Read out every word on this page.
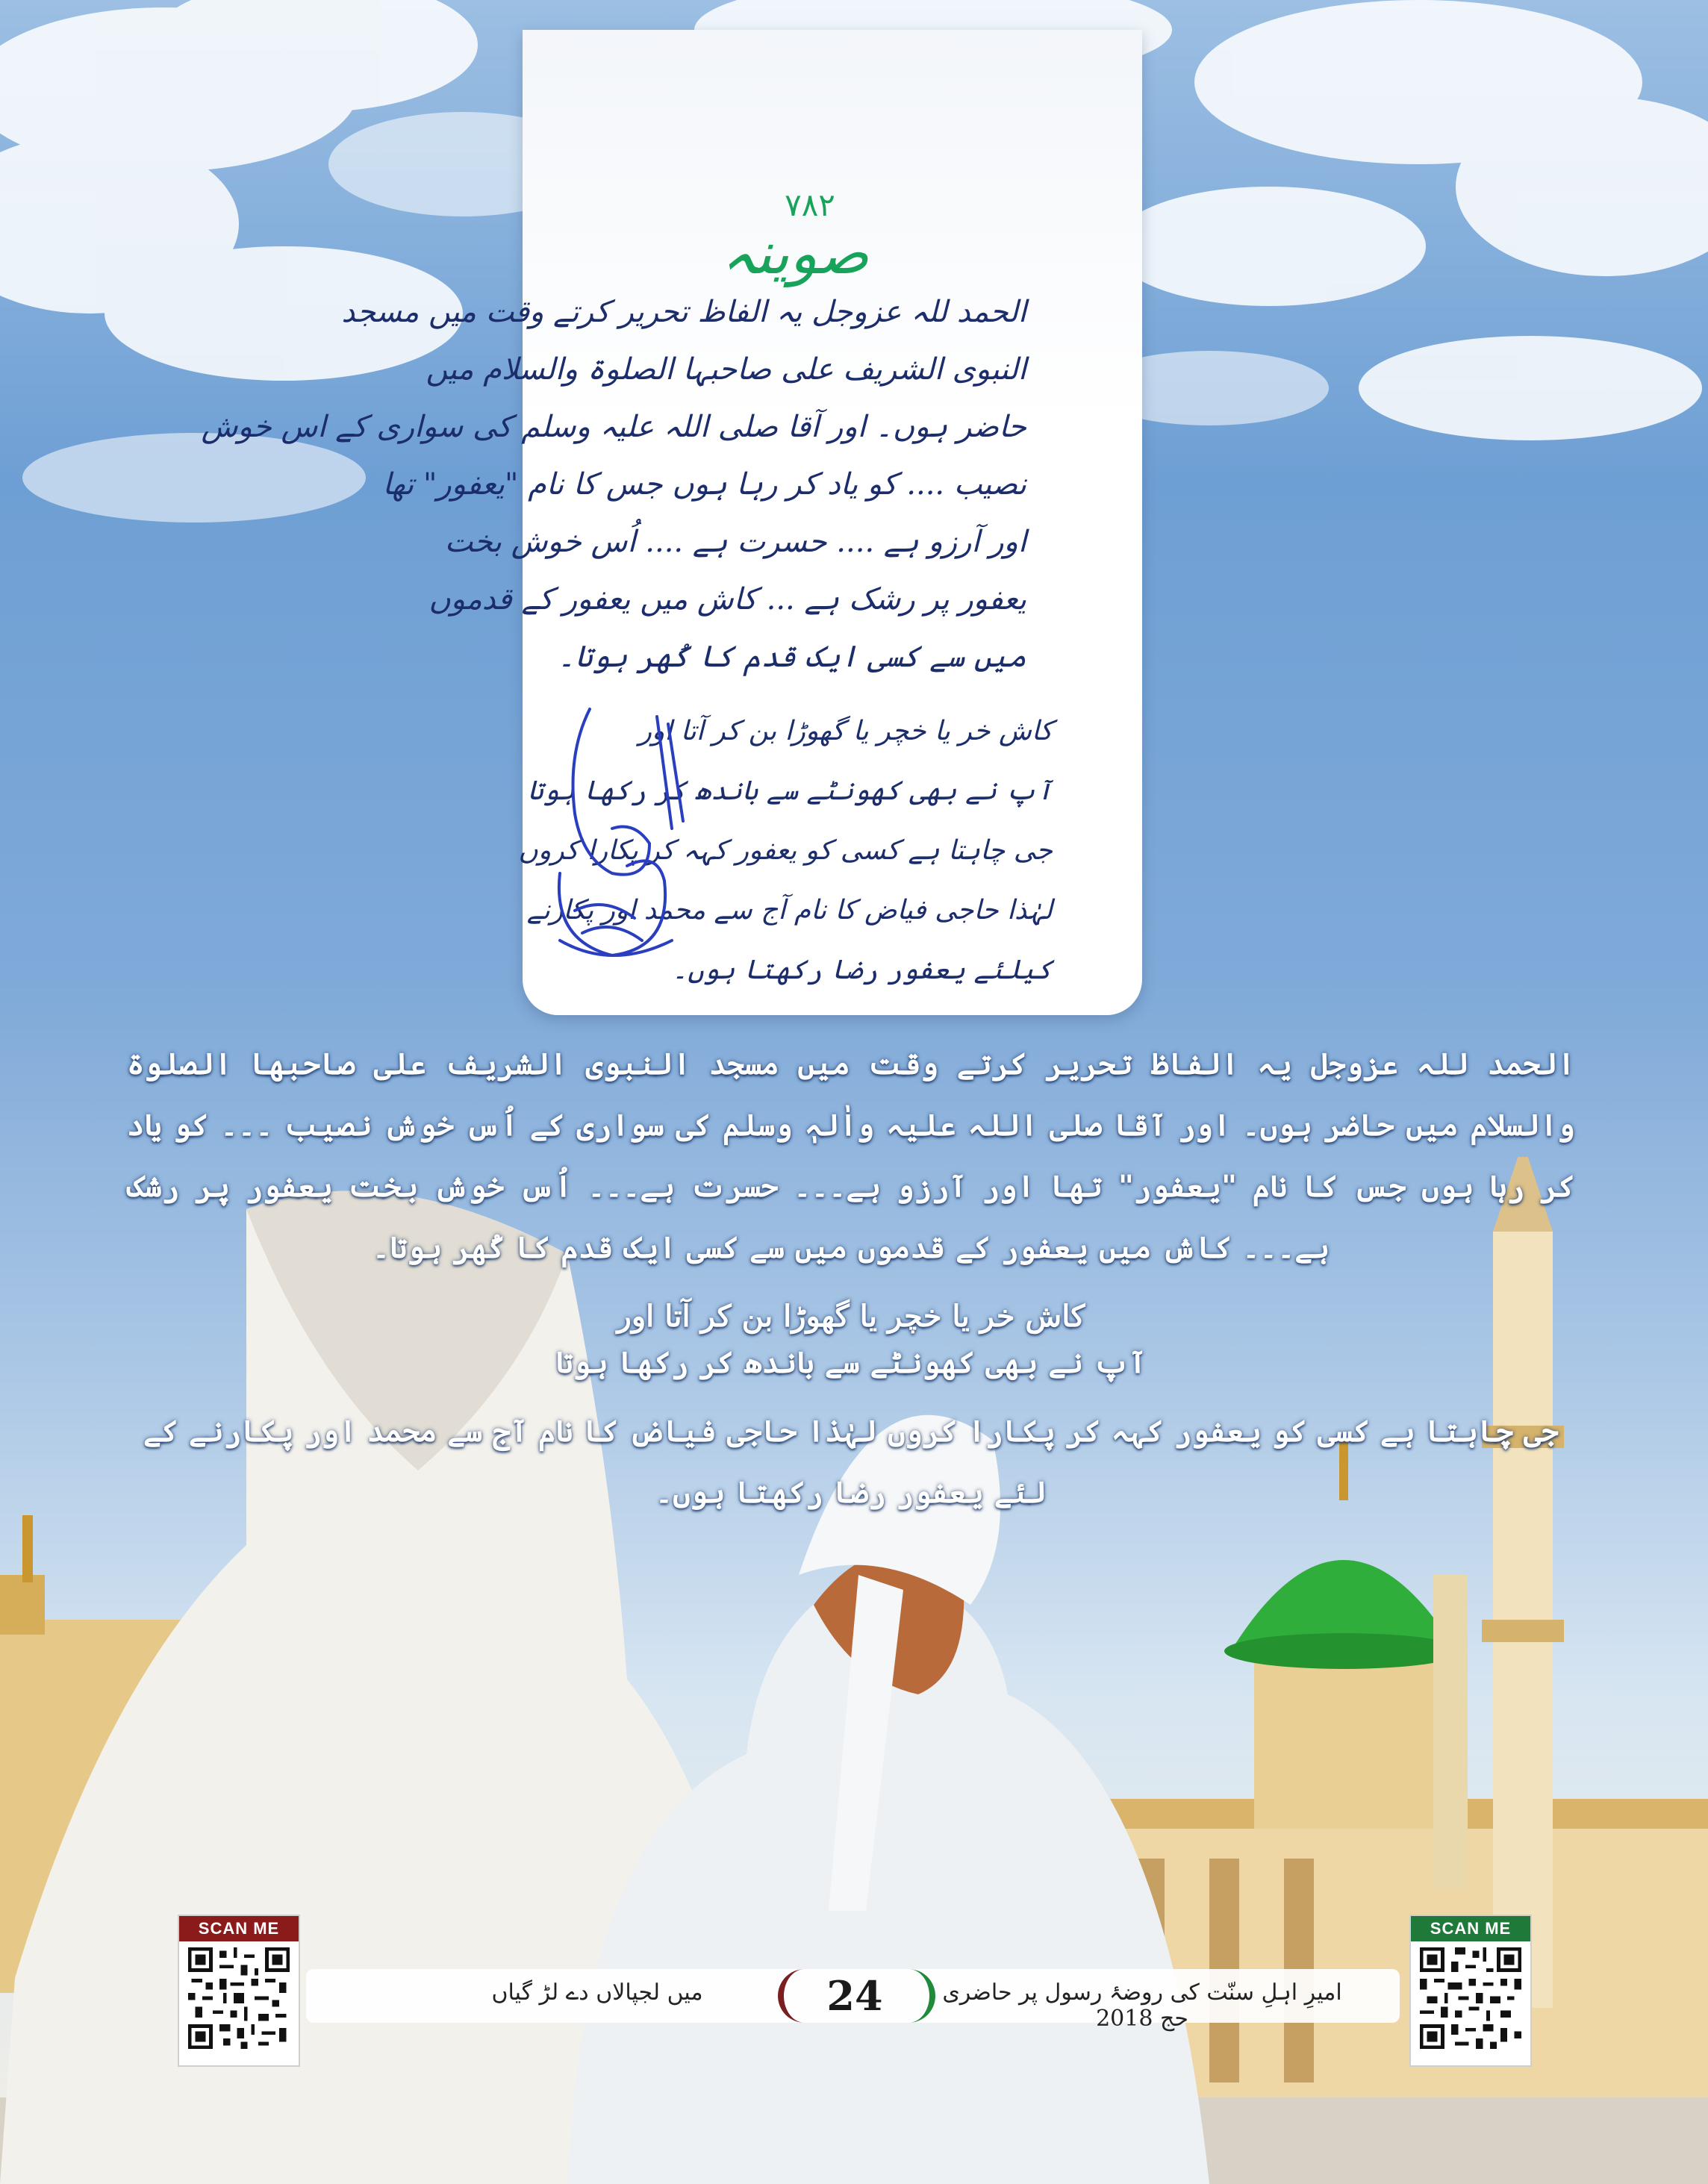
۷۸۲
صوینہ
الحمد للہ عزوجل یہ الفاظ تحریر کرتے وقت میں مسجد
النبوی الشریف علی صاحبہا الصلوۃ والسلام میں
حاضر ہوں۔ اور آقا صلی اللہ علیہ وسلم کی سواری کے اس خوش
نصیب .... کو یاد کر رہا ہوں جس کا نام "یعفور" تھا
اور آرزو ہے .... حسرت ہے .... اُس خوش بخت
یعفور پر رشک ہے ... کاش میں یعفور کے قدموں
میں سے کسی ایک قدم کا کُھر ہوتا۔
کاش خر یا خچر یا گھوڑا بن کر آتا اور
آپ نے بھی کھونٹے سے باندھ کر رکھا ہوتا
جی چاہتا ہے کسی کو یعفور کہہ کر پکارا کروں
لہٰذا حاجی فیاض کا نام آج سے محمد اور پکارنے
کیلئے یعفور رضا رکھتا ہوں۔
الحمد للہ عزوجل یہ الفاظ تحریر کرتے وقت میں مسجد النبوی الشریف علی صاحبھا الصلوۃ والسلام میں حاضر ہوں۔ اور آقا صلی اللہ علیہ واٰلہٖ وسلم کی سواری کے اُس خوش نصیب ۔۔۔ کو یاد کر رہا ہوں جس کا نام "یعفور" تھا اور آرزو ہے۔۔۔ حسرت ہے۔۔۔ اُس خوش بخت یعفور پر رشک ہے۔۔۔ کاش میں یعفور کے قدموں میں سے کسی ایک قدم کا کُھر ہوتا۔
کاش خر یا خچر یا گھوڑا بن کر آتا اور
آپ نے بھی کھونٹے سے باندھ کر رکھا ہوتا
جی چاہتا ہے کسی کو یعفور کہہ کر پکارا کروں لہٰذا حاجی فیاض کا نام آج سے محمد اور پکارنے کے لئے یعفور رضا رکھتا ہوں۔
میں لجپالاں دے لڑ گیاں	24	امیرِ اہلِ سنّت کی روضۂ رسول پر حاضری حج 2018
SCAN ME	SCAN ME
